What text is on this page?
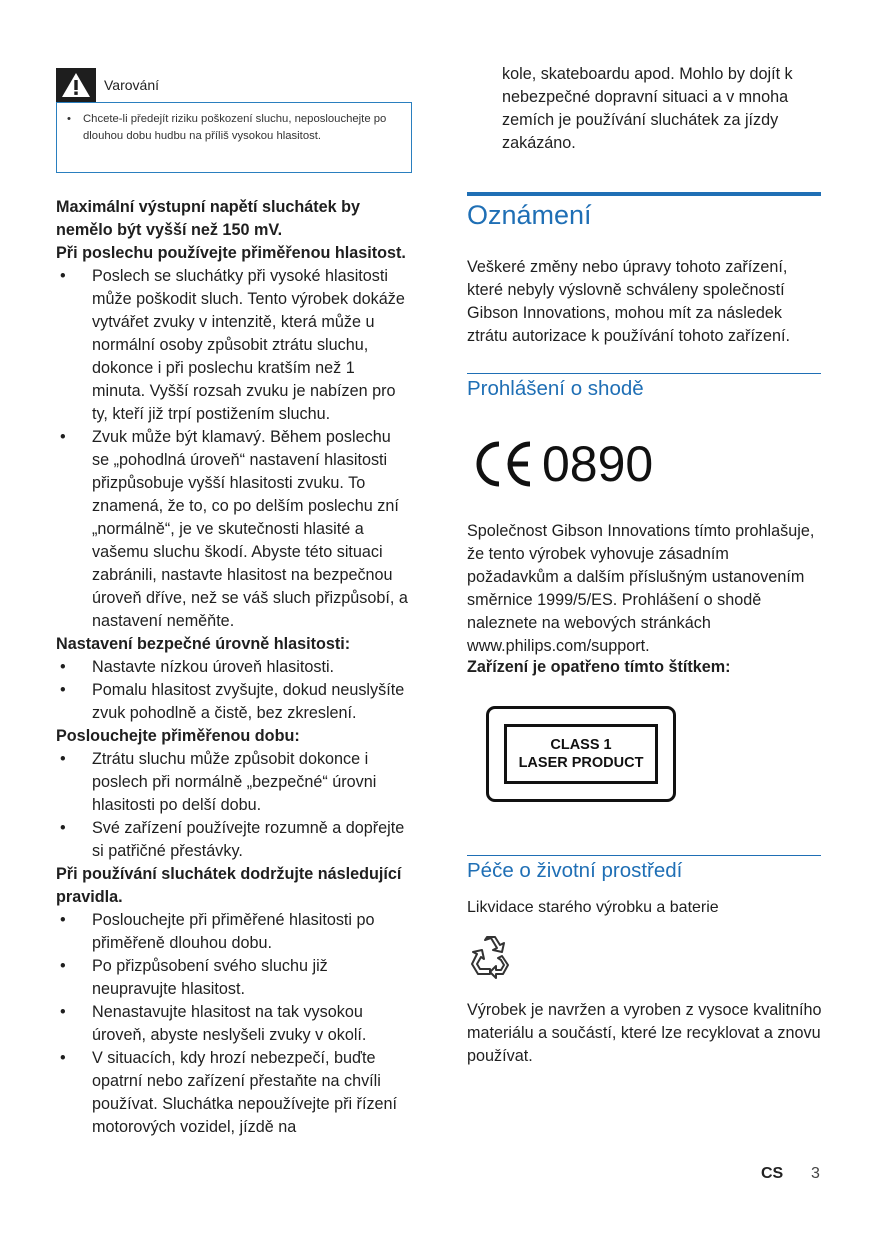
Varování
•	Chcete-li předejít riziku poškození sluchu, neposlouchejte po dlouhou dobu hudbu na příliš vysokou hlasitost.
Maximální výstupní napětí sluchátek by nemělo být vyšší než 150 mV.
Při poslechu používejte přiměřenou hlasitost.
•	Poslech se sluchátky při vysoké hlasitosti může poškodit sluch. Tento výrobek dokáže vytvářet zvuky v intenzitě, která může u normální osoby způsobit ztrátu sluchu, dokonce i při poslechu kratším než 1 minuta. Vyšší rozsah zvuku je nabízen pro ty, kteří již trpí postižením sluchu.
•	Zvuk může být klamavý. Během poslechu se „pohodlná úroveň“ nastavení hlasitosti přizpůsobuje vyšší hlasitosti zvuku. To znamená, že to, co po delším poslechu zní „normálně“, je ve skutečnosti hlasité a vašemu sluchu škodí. Abyste této situaci zabránili, nastavte hlasitost na bezpečnou úroveň dříve, než se váš sluch přizpůsobí, a nastavení neměňte.
Nastavení bezpečné úrovně hlasitosti:
•	Nastavte nízkou úroveň hlasitosti.
•	Pomalu hlasitost zvyšujte, dokud neuslyšíte zvuk pohodlně a čistě, bez zkreslení.
Poslouchejte přiměřenou dobu:
•	Ztrátu sluchu může způsobit dokonce i poslech při normálně „bezpečné“ úrovni hlasitosti po delší dobu.
•	Své zařízení používejte rozumně a dopřejte si patřičné přestávky.
Při používání sluchátek dodržujte následující pravidla.
•	Poslouchejte při přiměřené hlasitosti po přiměřeně dlouhou dobu.
•	Po přizpůsobení svého sluchu již neupravujte hlasitost.
•	Nenastavujte hlasitost na tak vysokou úroveň, abyste neslyšeli zvuky v okolí.
•	V situacích, kdy hrozí nebezpečí, buďte opatrní nebo zařízení přestaňte na chvíli používat. Sluchátka nepoužívejte při řízení motorových vozidel, jízdě na
kole, skateboardu apod. Mohlo by dojít k nebezpečné dopravní situaci a v mnoha zemích je používání sluchátek za jízdy zakázáno.
Oznámení
Veškeré změny nebo úpravy tohoto zařízení, které nebyly výslovně schváleny společností Gibson Innovations, mohou mít za následek ztrátu autorizace k používání tohoto zařízení.
Prohlášení o shodě
0890
Společnost Gibson Innovations tímto prohlašuje, že tento výrobek vyhovuje zásadním požadavkům a dalším příslušným ustanovením směrnice 1999/5/ES. Prohlášení o shodě naleznete na webových stránkách www.philips.com/support.
Zařízení je opatřeno tímto štítkem:
CLASS 1
LASER PRODUCT
Péče o životní prostředí
Likvidace starého výrobku a baterie
Výrobek je navržen a vyroben z vysoce kvalitního materiálu a součástí, které lze recyklovat a znovu používat.
CS 3
